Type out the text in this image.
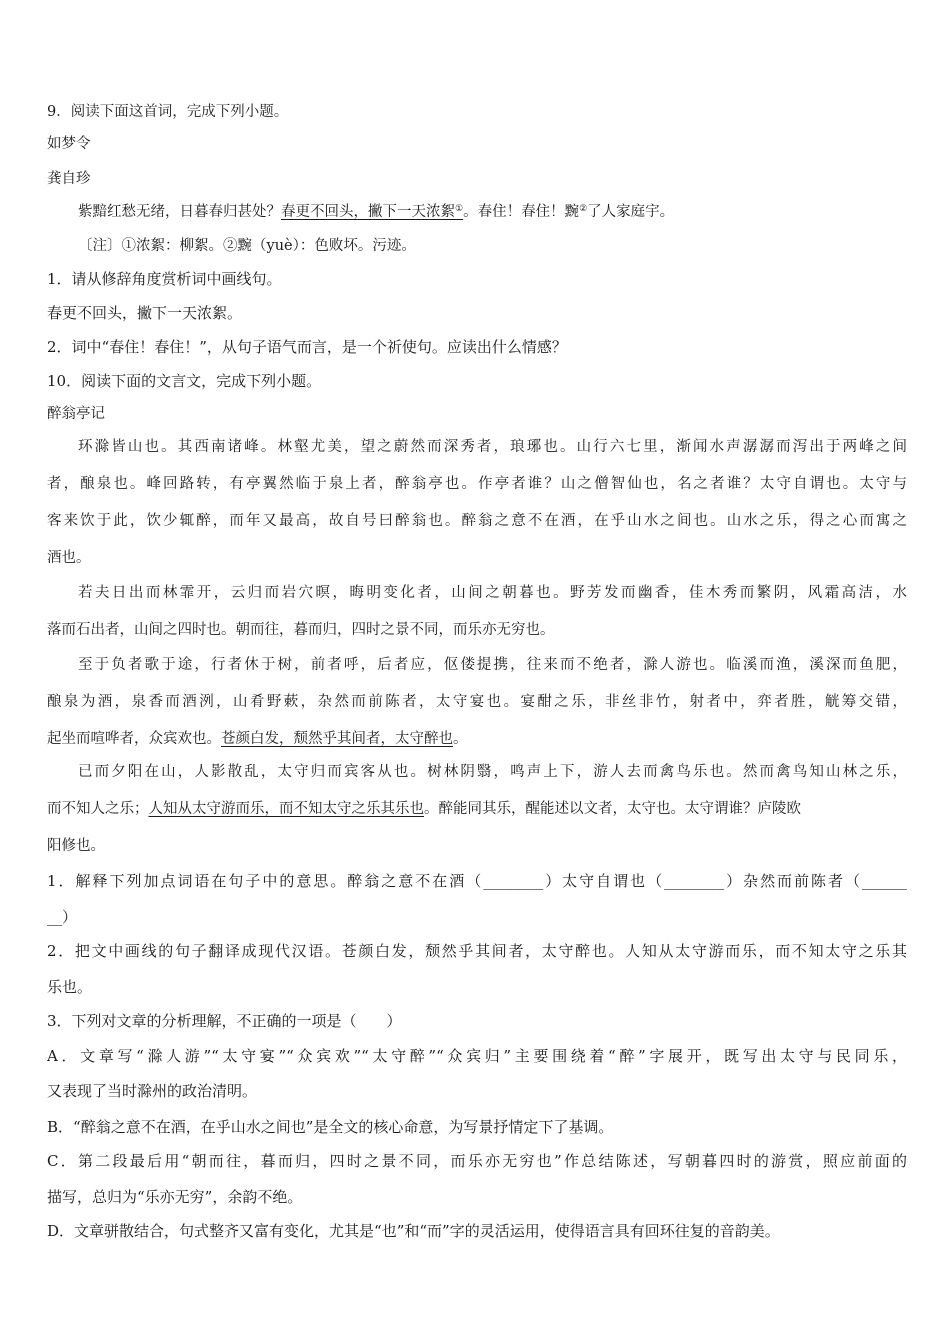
9．阅读下面这首词，完成下列小题。
如梦令
龚自珍
紫黯红愁无绪，日暮春归甚处？春更不回头，撇下一天浓絮①。春住！春住！黦②了人家庭宇。
〔注〕①浓絮：柳絮。②黦（yuè）：色败坏。污迹。
1．请从修辞角度赏析词中画线句。
春更不回头，撇下一天浓絮。
2．词中“春住！春住！”，从句子语气而言，是一个祈使句。应读出什么情感？
10．阅读下面的文言文，完成下列小题。
醉翁亭记
环滁皆山也。其西南诸峰。林壑尤美，望之蔚然而深秀者，琅琊也。山行六七里，渐闻水声潺潺而泻出于两峰之间
者，酿泉也。峰回路转，有亭翼然临于泉上者，醉翁亭也。作亭者谁？山之僧智仙也，名之者谁？太守自谓也。太守与
客来饮于此，饮少辄醉，而年又最高，故自号曰醉翁也。醉翁之意不在酒，在乎山水之间也。山水之乐，得之心而寓之
酒也。
若夫日出而林霏开，云归而岩穴暝，晦明变化者，山间之朝暮也。野芳发而幽香，佳木秀而繁阴，风霜高洁，水
落而石出者，山间之四时也。朝而往，暮而归，四时之景不同，而乐亦无穷也。
至于负者歌于途，行者休于树，前者呼，后者应，伛偻提携，往来而不绝者，滁人游也。临溪而渔，溪深而鱼肥，
酿泉为酒，泉香而酒洌，山肴野蔌，杂然而前陈者，太守宴也。宴酣之乐，非丝非竹，射者中，弈者胜，觥筹交错，
起坐而喧哗者，众宾欢也。苍颜白发，颓然乎其间者，太守醉也。
已而夕阳在山，人影散乱，太守归而宾客从也。树林阴翳，鸣声上下，游人去而禽鸟乐也。然而禽鸟知山林之乐，
而不知人之乐；人知从太守游而乐，而不知太守之乐其乐也。醉能同其乐，醒能述以文者，太守也。太守谓谁？庐陵欧
阳修也。
1．解释下列加点词语在句子中的意思。醉翁之意不在酒（________）太守自谓也（________）杂然而前陈者（______
__）
2．把文中画线的句子翻译成现代汉语。苍颜白发，颓然乎其间者，太守醉也。人知从太守游而乐，而不知太守之乐其
乐也。
3．下列对文章的分析理解，不正确的一项是（　　）
A．文章写“滁人游”“太守宴”“众宾欢”“太守醉”“众宾归”主要围绕着“醉”字展开，既写出太守与民同乐，
又表现了当时滁州的政治清明。
B．“醉翁之意不在酒，在乎山水之间也”是全文的核心命意，为写景抒情定下了基调。
C．第二段最后用“朝而往，暮而归，四时之景不同，而乐亦无穷也”作总结陈述，写朝暮四时的游赏，照应前面的
描写，总归为“乐亦无穷”，余韵不绝。
D．文章骈散结合，句式整齐又富有变化，尤其是“也”和“而”字的灵活运用，使得语言具有回环往复的音韵美。
